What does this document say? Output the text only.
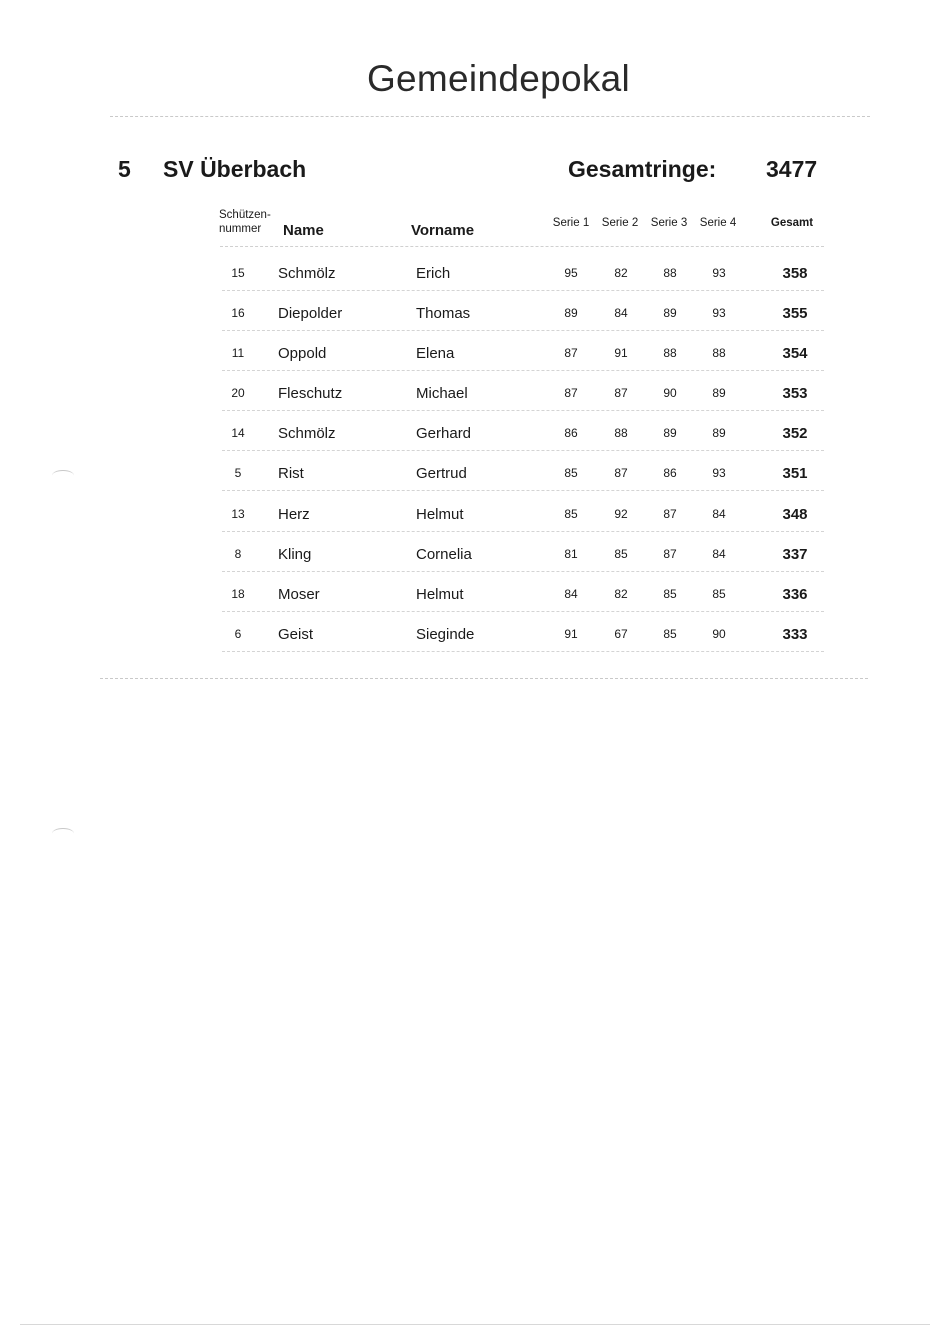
Gemeindepokal
5 SV Überbach	Gesamtringe: 3477
Schützen-
nummer	Name	Vorname	Serie 1	Serie 2	Serie 3	Serie 4	Gesamt
15	Schmölz	Erich	95	82	88	93	358
16	Diepolder	Thomas	89	84	89	93	355
11	Oppold	Elena	87	91	88	88	354
20	Fleschutz	Michael	87	87	90	89	353
14	Schmölz	Gerhard	86	88	89	89	352
5	Rist	Gertrud	85	87	86	93	351
13	Herz	Helmut	85	92	87	84	348
8	Kling	Cornelia	81	85	87	84	337
18	Moser	Helmut	84	82	85	85	336
6	Geist	Sieginde	91	67	85	90	333
